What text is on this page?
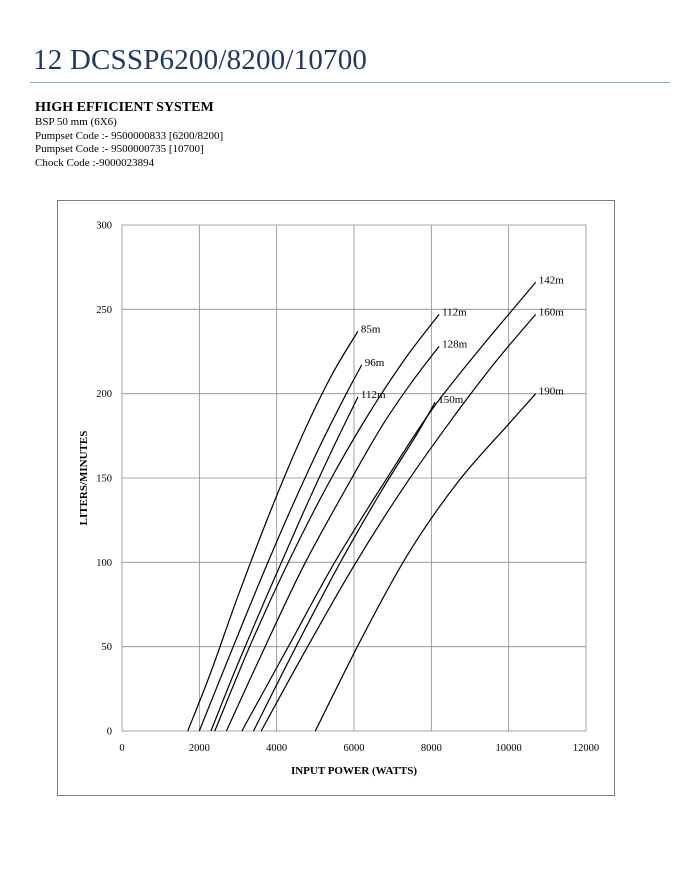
12 DCSSP6200/8200/10700
HIGH EFFICIENT SYSTEM
BSP 50 mm (6X6)
Pumpset Code :- 9500000833 [6200/8200]
Pumpset Code :- 9500000735 [10700]
Chock Code :-9000023894
0	2000	4000	6000	8000	10000	12000
0
50
100
150
200
250
300
INPUT POWER (WATTS)
LITERS/MINUTES
85m
96m
112m
112m
128m
142m
150m
160m
190m
